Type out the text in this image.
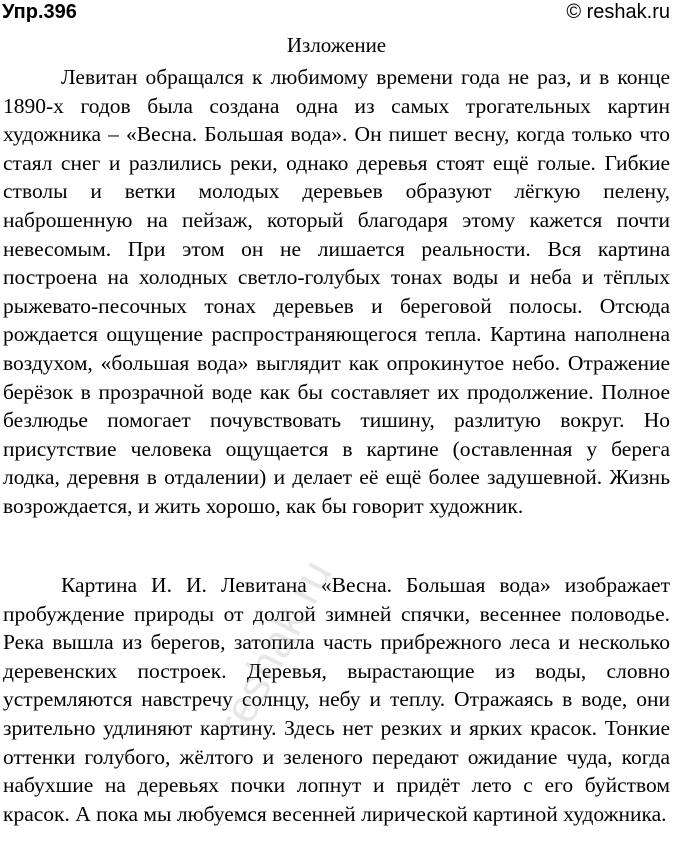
Упр.396	© reshak.ru
Изложение

Левитан обращался к любимому времени года не раз, и в конце 1890-х годов была создана одна из самых трогательных картин художника – «Весна. Большая вода». Он пишет весну, когда только что стаял снег и разлились реки, однако деревья стоят ещё голые. Гибкие стволы и ветки молодых деревьев образуют лёгкую пелену, наброшенную на пейзаж, который благодаря этому кажется почти невесомым. При этом он не лишается реальности. Вся картина построена на холодных светло-голубых тонах воды и неба и тёплых рыжевато-песочных тонах деревьев и береговой полосы. Отсюда рождается ощущение распространяющегося тепла. Картина наполнена воздухом, «большая вода» выглядит как опрокинутое небо. Отражение берёзок в прозрачной воде как бы составляет их продолжение. Полное безлюдье помогает почувствовать тишину, разлитую вокруг. Но присутствие человека ощущается в картине (оставленная у берега лодка, деревня в отдалении) и делает её ещё более задушевной. Жизнь возрождается, и жить хорошо, как бы говорит художник.

Картина И. И. Левитана «Весна. Большая вода» изображает пробуждение природы от долгой зимней спячки, весеннее половодье. Река вышла из берегов, затопила часть прибрежного леса и несколько деревенских построек. Деревья, вырастающие из воды, словно устремляются навстречу солнцу, небу и теплу. Отражаясь в воде, они зрительно удлиняют картину. Здесь нет резких и ярких красок. Тонкие оттенки голубого, жёлтого и зеленого передают ожидание чуда, когда набухшие на деревьях почки лопнут и придёт лето с его буйством красок. А пока мы любуемся весенней лирической картиной художника.

reshak.ru
